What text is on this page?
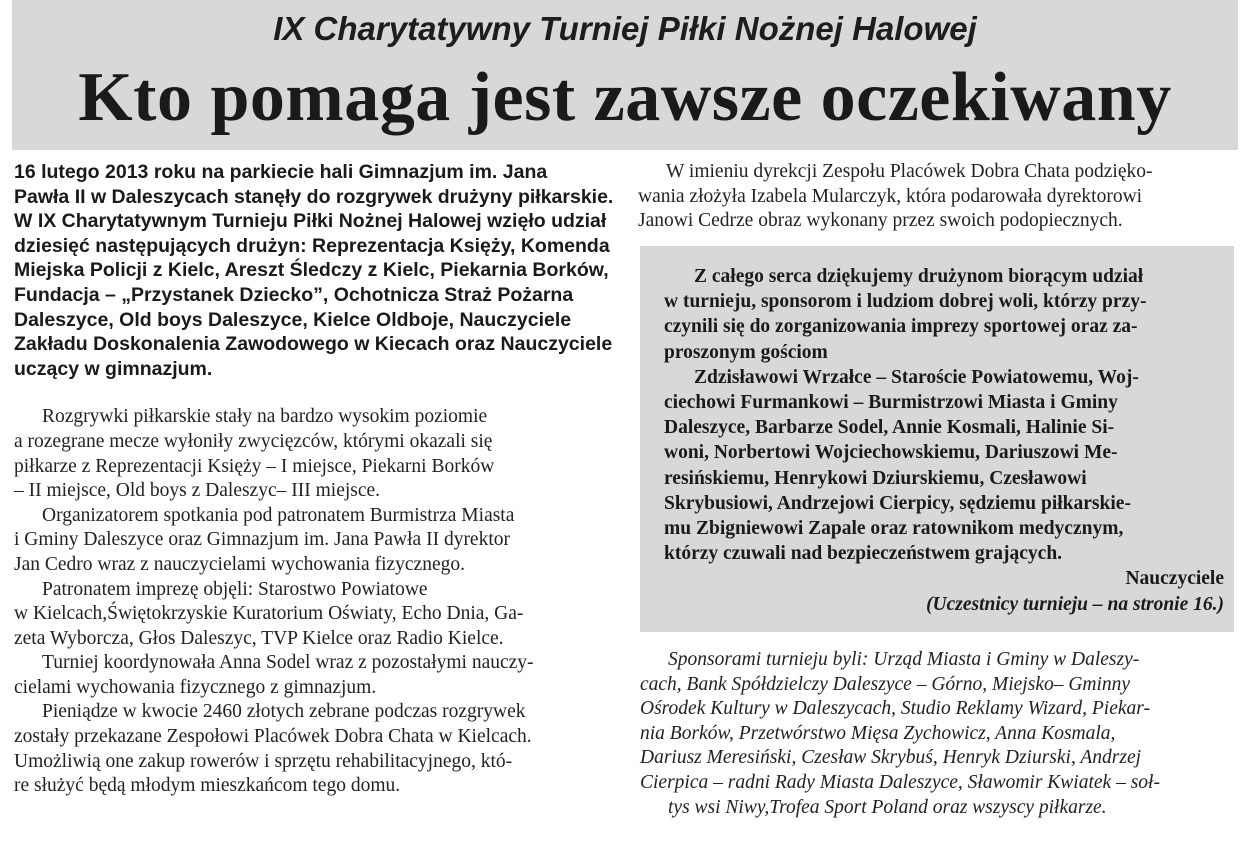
IX Charytatywny Turniej Piłki Nożnej Halowej
Kto pomaga jest zawsze oczekiwany
16 lutego 2013 roku na parkiecie hali Gimnazjum im. Jana
Pawła II w Daleszycach stanęły do rozgrywek drużyny piłkarskie.
W IX Charytatywnym Turnieju Piłki Nożnej Halowej wzięło udział
dziesięć następujących drużyn: Reprezentacja Księży, Komenda
Miejska Policji z Kielc, Areszt Śledczy z Kielc, Piekarnia Borków,
Fundacja – „Przystanek Dziecko”, Ochotnicza Straż Pożarna
Daleszyce, Old boys Daleszyce, Kielce Oldboje, Nauczyciele
Zakładu Doskonalenia Zawodowego w Kiecach oraz Nauczyciele
uczący w gimnazjum.
Rozgrywki piłkarskie stały na bardzo wysokim poziomie
a rozegrane mecze wyłoniły zwycięzców, którymi okazali się
piłkarze z Reprezentacji Księży – I miejsce, Piekarni Borków
– II miejsce, Old boys z Daleszyc– III miejsce.
Organizatorem spotkania pod patronatem Burmistrza Miasta
i Gminy Daleszyce oraz Gimnazjum im. Jana Pawła II dyrektor
Jan Cedro wraz z nauczycielami wychowania fizycznego.
Patronatem imprezę objęli: Starostwo Powiatowe
w Kielcach,Świętokrzyskie Kuratorium Oświaty, Echo Dnia, Ga-
zeta Wyborcza, Głos Daleszyc, TVP Kielce oraz Radio Kielce.
Turniej koordynowała Anna Sodel wraz z pozostałymi nauczy-
cielami wychowania fizycznego z gimnazjum.
Pieniądze w kwocie 2460 złotych zebrane podczas rozgrywek
zostały przekazane Zespołowi Placówek Dobra Chata w Kielcach.
Umożliwią one zakup rowerów i sprzętu rehabilitacyjnego, któ-
re służyć będą młodym mieszkańcom tego domu.
W imieniu dyrekcji Zespołu Placówek Dobra Chata podzięko-
wania złożyła Izabela Mularczyk, która podarowała dyrektorowi
Janowi Cedrze obraz wykonany przez swoich podopiecznych.
Z całego serca dziękujemy drużynom biorącym udział
w turnieju, sponsorom i ludziom dobrej woli, którzy przy-
czynili się do zorganizowania imprezy sportowej oraz za-
proszonym gościom
Zdzisławowi Wrzałce – Staroście Powiatowemu, Woj-
ciechowi Furmankowi – Burmistrzowi Miasta i Gminy
Daleszyce, Barbarze Sodel, Annie Kosmali, Halinie Si-
woni, Norbertowi Wojciechowskiemu, Dariuszowi Me-
resińskiemu, Henrykowi Dziurskiemu, Czesławowi
Skrybusiowi, Andrzejowi Cierpicy, sędziemu piłkarskie-
mu Zbigniewowi Zapale oraz ratownikom medycznym,
którzy czuwali nad bezpieczeństwem grających.
Nauczyciele
(Uczestnicy turnieju – na stronie 16.)
Sponsorami turnieju byli: Urząd Miasta i Gminy w Daleszy-
cach, Bank Spółdzielczy Daleszyce – Górno, Miejsko– Gminny
Ośrodek Kultury w Daleszycach, Studio Reklamy Wizard, Piekar-
nia Borków, Przetwórstwo Mięsa Zychowicz, Anna Kosmala,
Dariusz Meresiński, Czesław Skrybuś, Henryk Dziurski, Andrzej
Cierpica – radni Rady Miasta Daleszyce, Sławomir Kwiatek – soł-
tys wsi Niwy,Trofea Sport Poland oraz wszyscy piłkarze.
